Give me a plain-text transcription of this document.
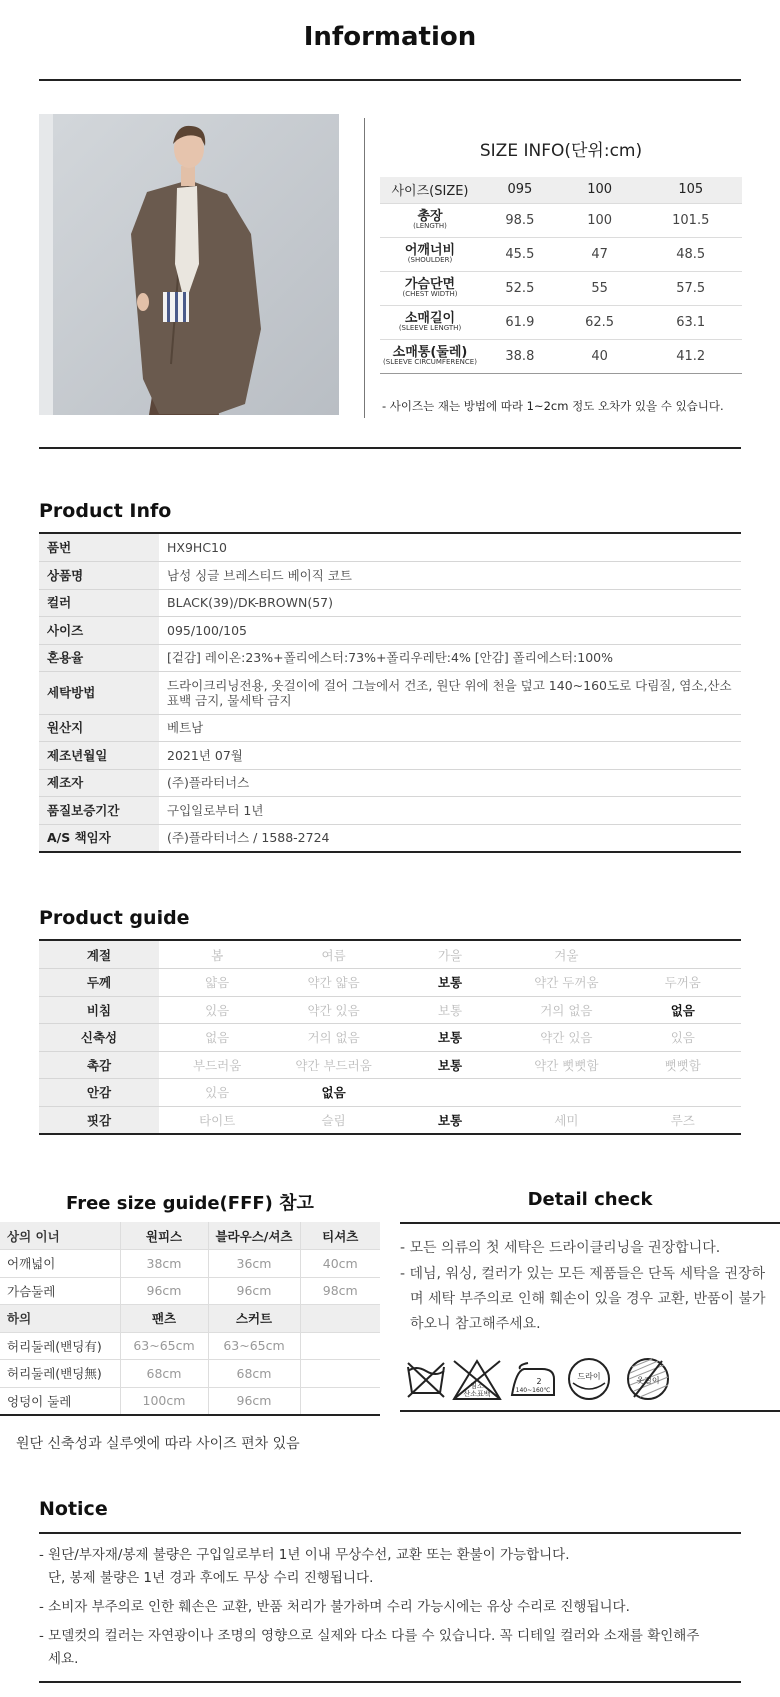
Information
SIZE INFO(단위:cm)
사이즈(SIZE)	095	100	105

총장
(LENGTH)	98.5	100	101.5

어깨너비
(SHOULDER)	45.5	47	48.5

가슴단면
(CHEST WIDTH)	52.5	55	57.5

소매길이
(SLEEVE LENGTH)	61.9	62.5	63.1

소매통(둘레)
(SLEEVE CIRCUMFERENCE)	38.8	40	41.2
- 사이즈는 재는 방법에 따라 1~2cm 정도 오차가 있을 수 있습니다.
Product Info
품번	HX9HC10
상품명	남성 싱글 브레스티드 베이직 코트
컬러	BLACK(39)/DK-BROWN(57)
사이즈	095/100/105
혼용율	[겉감] 레이온:23%+폴리에스터:73%+폴리우레탄:4% [안감] 폴리에스터:100%
세탁방법	드라이크리닝전용, 옷걸이에 걸어 그늘에서 건조, 원단 위에 천을 덮고 140~160도로 다림질, 염소,산소표백 금지, 물세탁 금지
원산지	베트남
제조년월일	2021년 07월
제조자	(주)플라터너스
품질보증기간	구입일로부터 1년
A/S 책임자	(주)플라터너스 / 1588-2724
Product guide
계절	봄	여름	가을	겨울	
두께	얇음	약간 얇음	보통	약간 두꺼움	두꺼움
비침	있음	약간 있음	보통	거의 없음	없음
신축성	없음	거의 없음	보통	약간 있음	있음
촉감	부드러움	약간 부드러움	보통	약간 뻣뻣함	뻣뻣함
안감	있음	없음			
핏감	타이트	슬림	보통	세미	루즈
Free size guide(FFF) 참고
상의 이너	원피스	블라우스/셔츠	티셔츠
어깨넓이	38cm	36cm	40cm
가슴둘레	96cm	96cm	98cm
하의	팬츠	스커트	
허리둘레(밴딩有)	63~65cm	63~65cm	
허리둘레(밴딩無)	68cm	68cm	
엉덩이 둘레	100cm	96cm	
원단 신축성과 실루엣에 따라 사이즈 편차 있음
Detail check
- 모든 의류의 첫 세탁은 드라이클리닝을 권장합니다.
- 데님, 워싱, 컬러가 있는 모든 제품들은 단독 세탁을 권장하
며 세탁 부주의로 인해 훼손이 있을 경우 교환, 반품이 불가
하오니 참고해주세요.
염소 산소표백
2
140~160℃
드라이	옷걸이
Notice
- 원단/부자재/봉제 불량은 구입일로부터 1년 이내 무상수선, 교환 또는 환불이 가능합니다.
단, 봉제 불량은 1년 경과 후에도 무상 수리 진행됩니다.
- 소비자 부주의로 인한 훼손은 교환, 반품 처리가 불가하며 수리 가능시에는 유상 수리로 진행됩니다.
- 모델컷의 컬러는 자연광이나 조명의 영향으로 실제와 다소 다를 수 있습니다. 꼭 디테일 컬러와 소재를 확인해주
세요.
